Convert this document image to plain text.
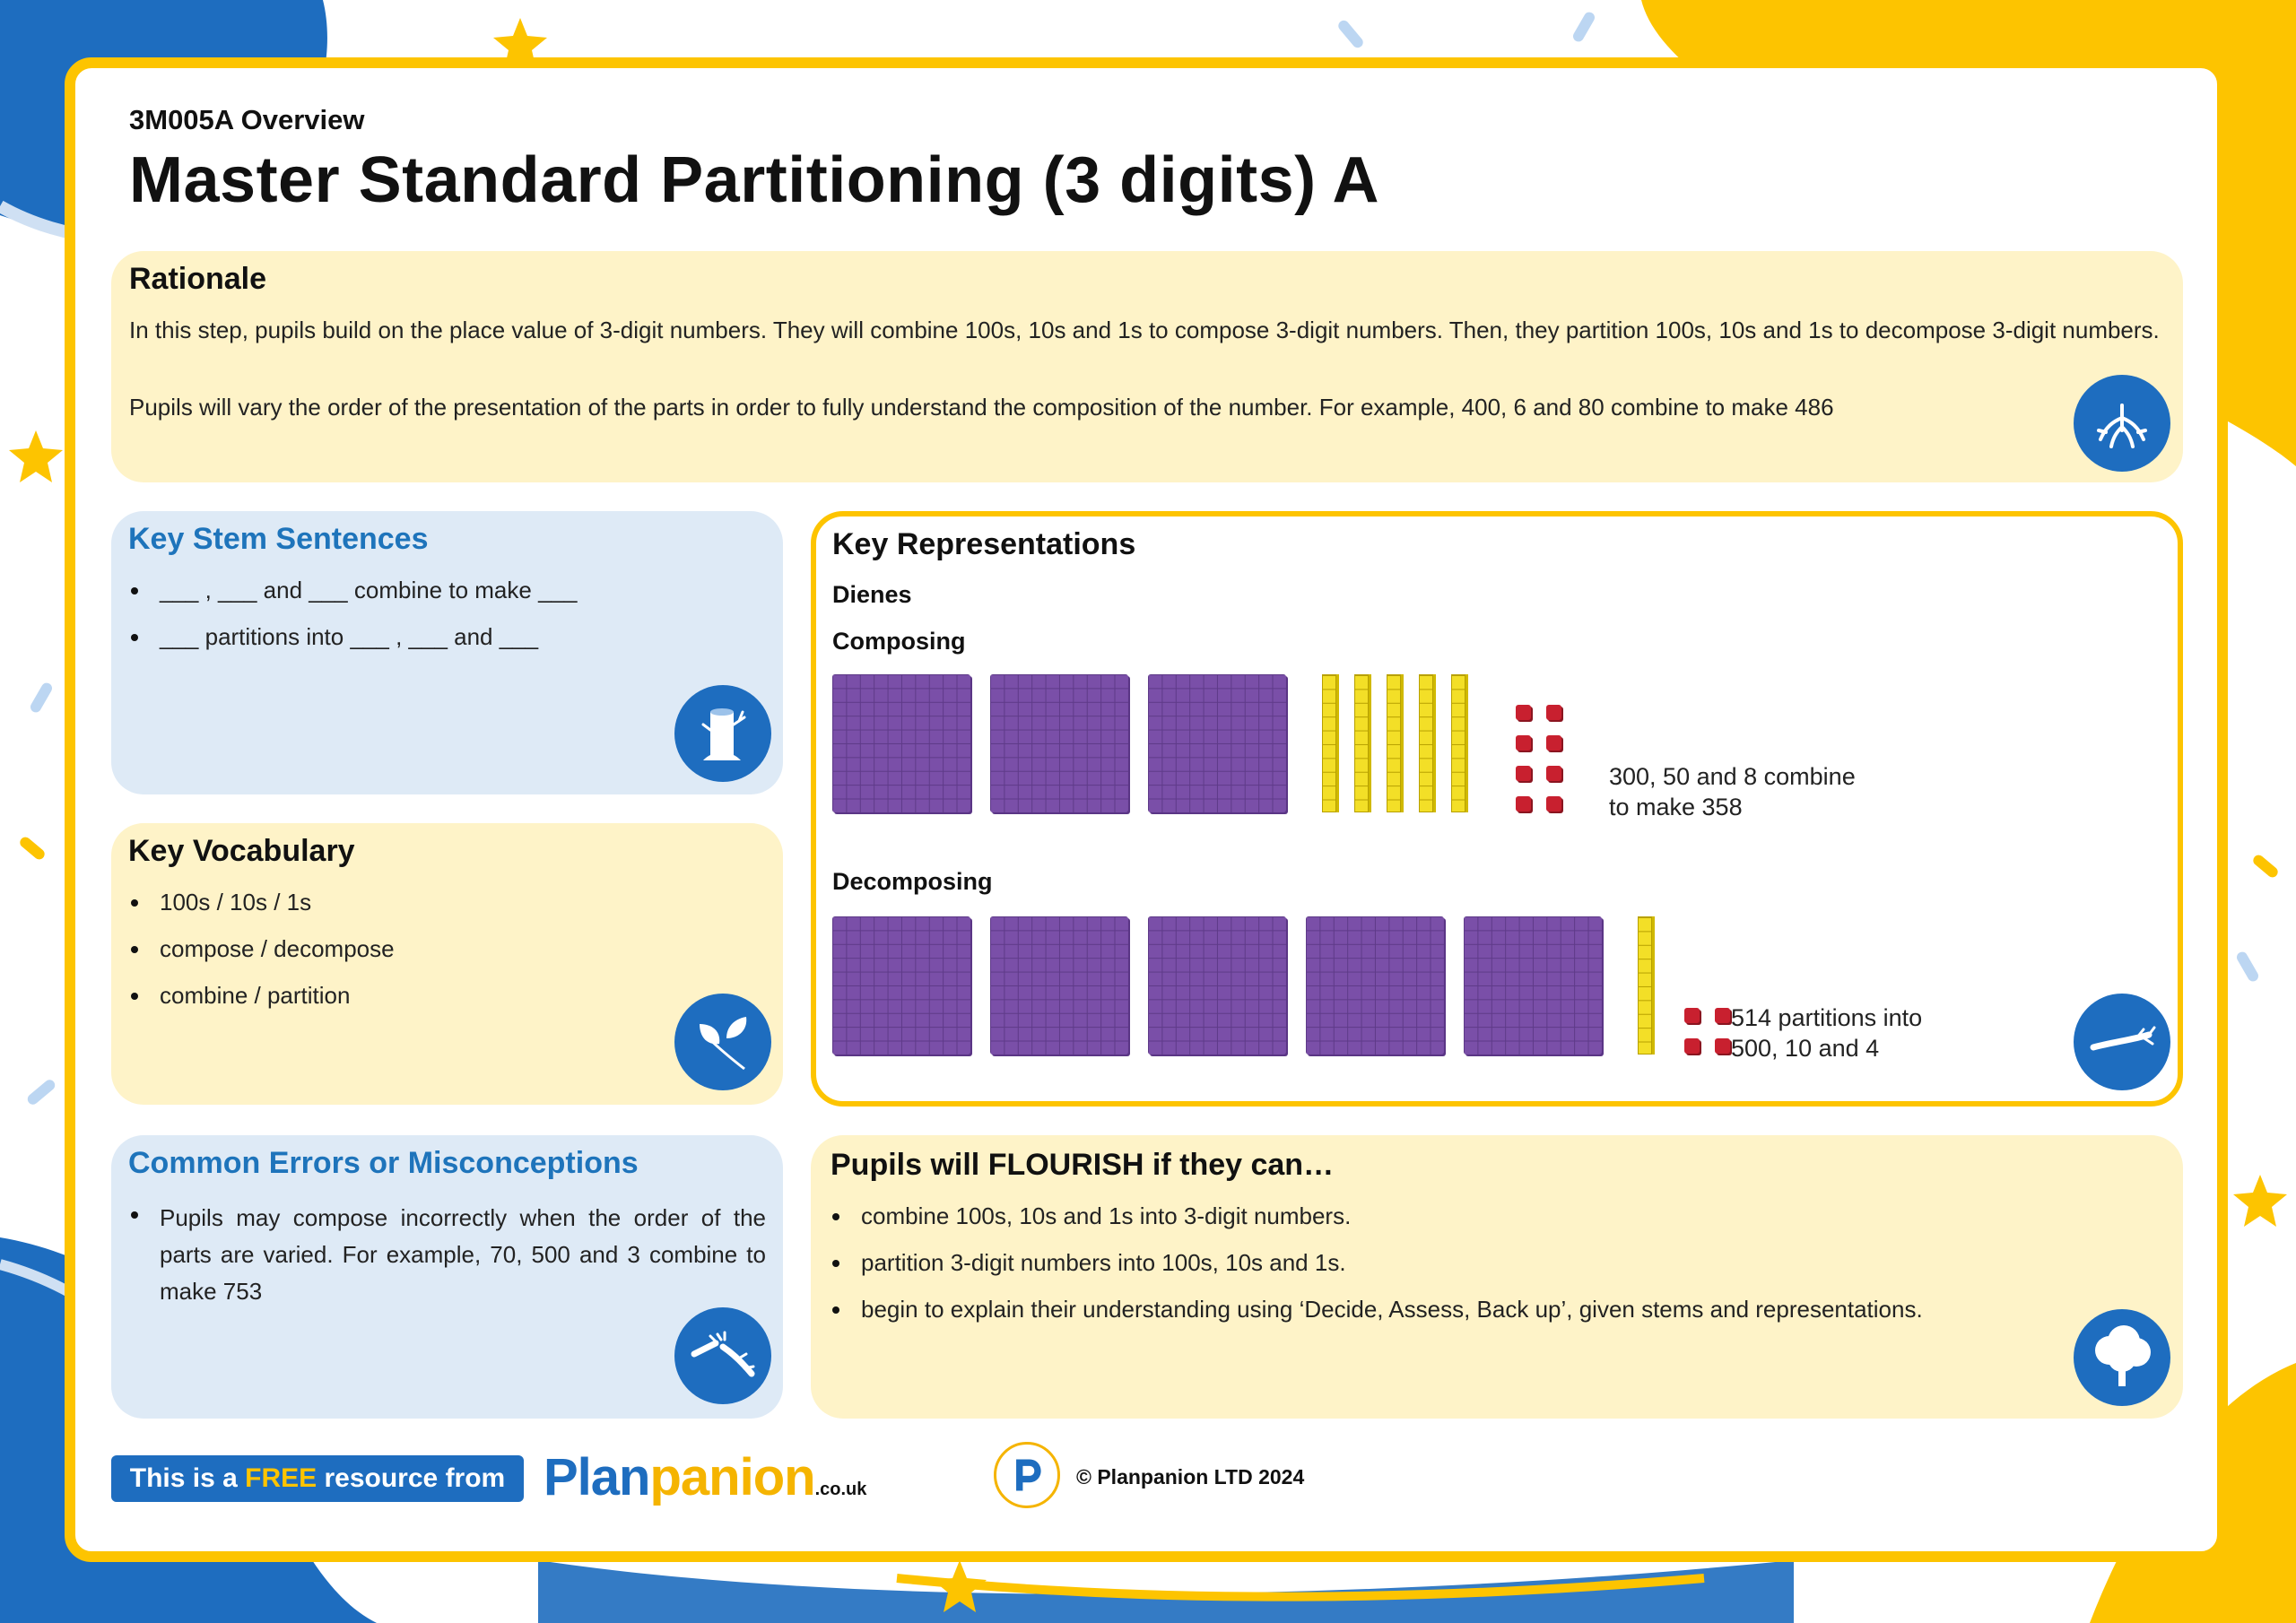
3M005A Overview
Master Standard Partitioning (3 digits) A
Rationale
In this step, pupils build on the place value of 3-digit numbers. They will combine 100s, 10s and 1s to compose 3-digit numbers. Then, they partition 100s, 10s and 1s to decompose 3-digit numbers.
Pupils will vary the order of the presentation of the parts in order to fully understand the composition of the number. For example, 400, 6 and 80 combine to make 486
Key Stem Sentences
___ , ___ and ___ combine to make ___
___ partitions into ___ , ___ and ___
Key Vocabulary
100s / 10s / 1s
compose / decompose
combine / partition
Common Errors or Misconceptions
Pupils may compose incorrectly when the order of the parts are varied. For example, 70, 500 and 3 combine to make 753
Key Representations
Dienes
Composing
300, 50 and 8 combine
to make 358
Decomposing
514 partitions into
500, 10 and 4
Pupils will FLOURISH if they can…
combine 100s, 10s and 1s into 3-digit numbers.
partition 3-digit numbers into 100s, 10s and 1s.
begin to explain their understanding using ‘Decide, Assess, Back up’, given stems and representations.
This is a FREE resource from Planpanion.co.uk
© Planpanion LTD 2024
